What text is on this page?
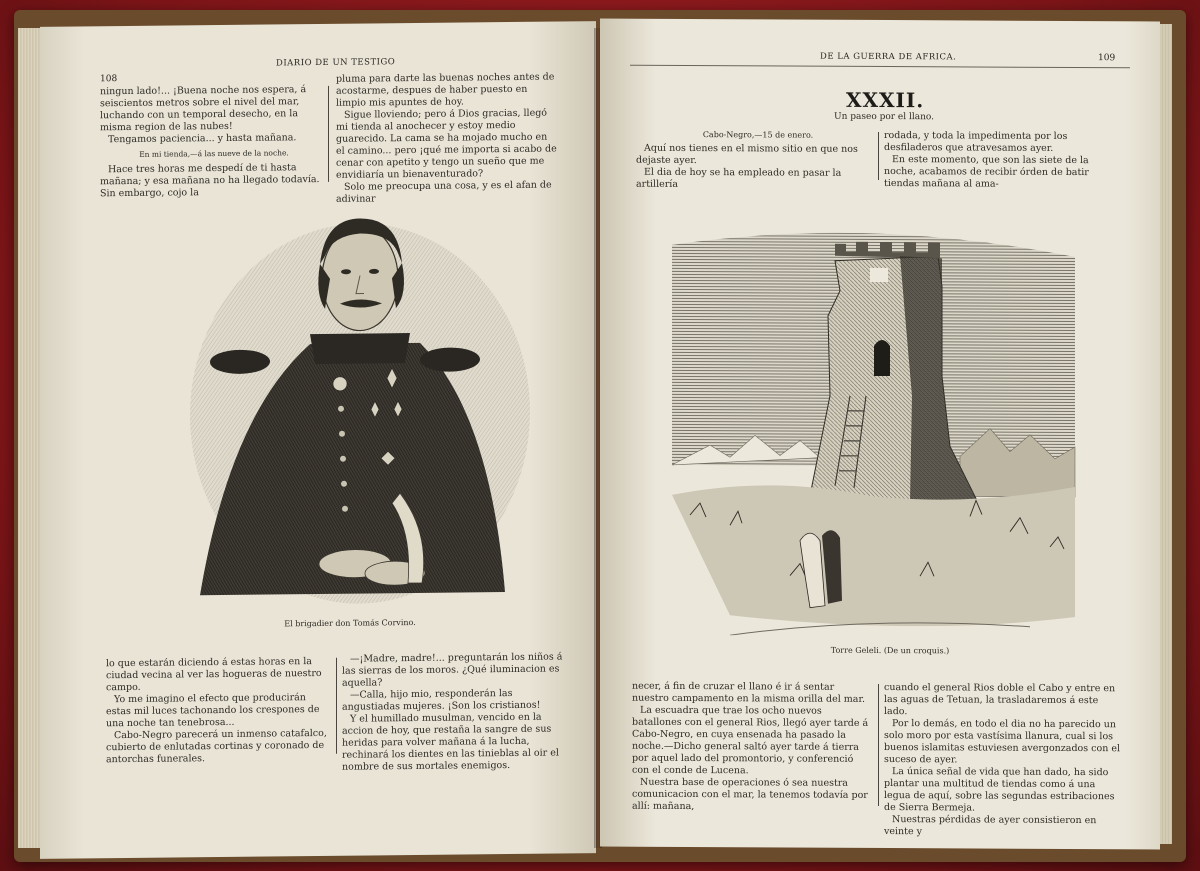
108
DIARIO DE UN TESTIGO

ningun lado!... ¡Buena noche nos espera, á seiscientos metros sobre el nivel del mar, luchando con un temporal desecho, en la misma region de las nubes!

Tengamos paciencia... y hasta mañana.

En mi tienda,—á las nueve de la noche.

Hace tres horas me despedí de ti hasta mañana; y esa mañana no ha llegado todavía. Sin embargo, cojo la

pluma para darte las buenas noches antes de acostarme, despues de haber puesto en limpio mis apuntes de hoy.

Sigue lloviendo; pero á Dios gracias, llegó mi tienda al anochecer y estoy medio guarecido. La cama se ha mojado mucho en el camino... pero ¡qué me importa si acabo de cenar con apetito y tengo un sueño que me envidiaría un bienaventurado?

Solo me preocupa una cosa, y es el afan de adivinar

El brigadier don Tomás Corvino.

lo que estarán diciendo á estas horas en la ciudad vecina al ver las hogueras de nuestro campo.

Yo me imagino el efecto que producirán estas mil luces tachonando los crespones de una noche tan tenebrosa...

Cabo-Negro parecerá un inmenso catafalco, cubierto de enlutadas cortinas y coronado de antorchas funerales.

—¡Madre, madre!... preguntarán los niños á las sierras de los moros. ¿Qué iluminacion es aquella?

—Calla, hijo mio, responderán las angustiadas mujeres. ¡Son los cristianos!

Y el humillado musulman, vencido en la accion de hoy, que restaña la sangre de sus heridas para volver mañana á la lucha, rechinará los dientes en las tinieblas al oir el nombre de sus mortales enemigos.

DE LA GUERRA DE AFRICA.	109
XXXII.
Un paseo por el llano.

Cabo-Negro,—15 de enero.

Aquí nos tienes en el mismo sitio en que nos dejaste ayer.

El dia de hoy se ha empleado en pasar la artillería

rodada, y toda la impedimenta por los desfiladeros que atravesamos ayer.

En este momento, que son las siete de la noche, acabamos de recibir órden de batir tiendas mañana al ama-

Torre Geleli. (De un croquis.)

necer, á fin de cruzar el llano é ir á sentar nuestro campamento en la misma orilla del mar.

La escuadra que trae los ocho nuevos batallones con el general Rios, llegó ayer tarde á Cabo-Negro, en cuya ensenada ha pasado la noche.—Dicho general saltó ayer tarde á tierra por aquel lado del promontorio, y conferenció con el conde de Lucena.

Nuestra base de operaciones ó sea nuestra comunicacion con el mar, la tenemos todavía por allí: mañana,

cuando el general Rios doble el Cabo y entre en las aguas de Tetuan, la trasladaremos á este lado.

Por lo demás, en todo el dia no ha parecido un solo moro por esta vastísima llanura, cual si los buenos islamitas estuviesen avergonzados con el suceso de ayer.

La única señal de vida que han dado, ha sido plantar una multitud de tiendas como á una legua de aquí, sobre las segundas estribaciones de Sierra Bermeja.

Nuestras pérdidas de ayer consistieron en veinte y
